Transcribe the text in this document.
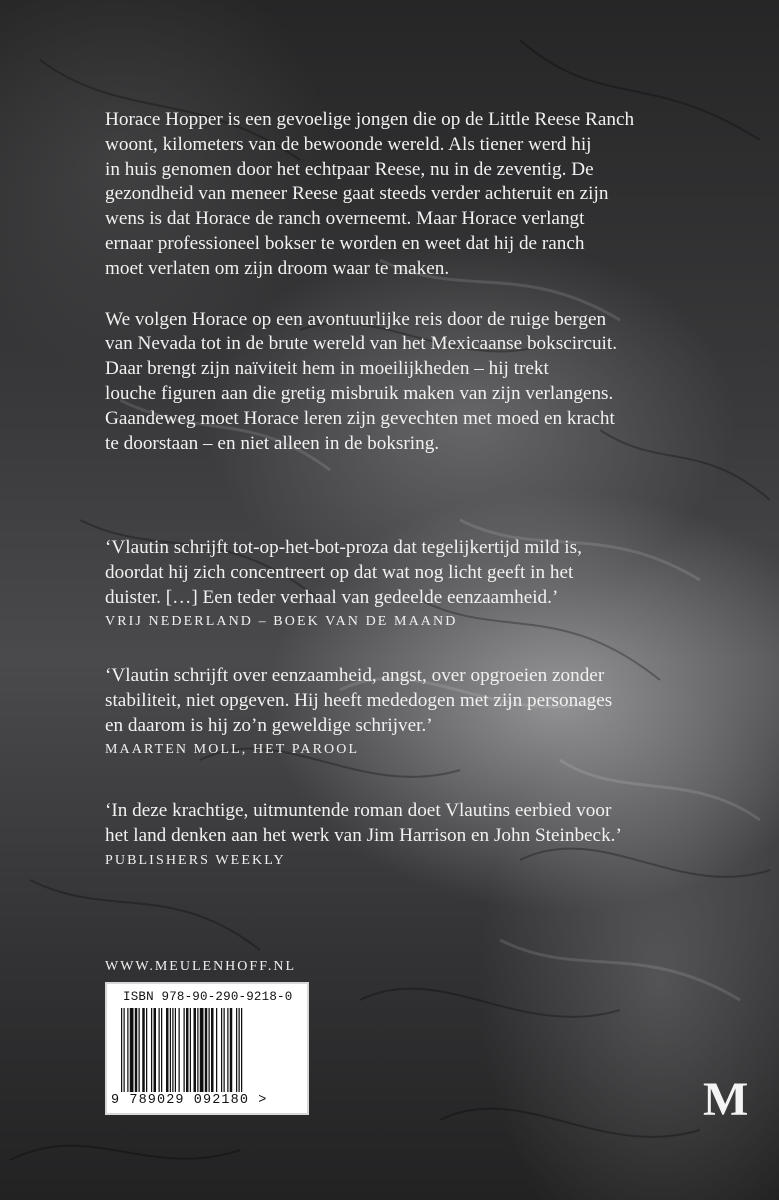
Horace Hopper is een gevoelige jongen die op de Little Reese Ranch
woont, kilometers van de bewoonde wereld. Als tiener werd hij
in huis genomen door het echtpaar Reese, nu in de zeventig. De
gezondheid van meneer Reese gaat steeds verder achteruit en zijn
wens is dat Horace de ranch overneemt. Maar Horace verlangt
ernaar professioneel bokser te worden en weet dat hij de ranch
moet verlaten om zijn droom waar te maken.

We volgen Horace op een avontuurlijke reis door de ruige bergen
van Nevada tot in de brute wereld van het Mexicaanse bokscircuit.
Daar brengt zijn naïviteit hem in moeilijkheden – hij trekt
louche figuren aan die gretig misbruik maken van zijn verlangens.
Gaandeweg moet Horace leren zijn gevechten met moed en kracht
te doorstaan – en niet alleen in de boksring.

‘Vlautin schrijft tot-op-het-bot-proza dat tegelijkertijd mild is,
doordat hij zich concentreert op dat wat nog licht geeft in het
duister. […] Een teder verhaal van gedeelde eenzaamheid.’

VRIJ NEDERLAND – BOEK VAN DE MAAND

‘Vlautin schrijft over eenzaamheid, angst, over opgroeien zonder
stabiliteit, niet opgeven. Hij heeft mededogen met zijn personages
en daarom is hij zo’n geweldige schrijver.’

MAARTEN MOLL, HET PAROOL

‘In deze krachtige, uitmuntende roman doet Vlautins eerbied voor
het land denken aan het werk van Jim Harrison en John Steinbeck.’

PUBLISHERS WEEKLY

WWW.MEULENHOFF.NL
ISBN 978-90-290-9218-0
9 789029 092180 >	M
